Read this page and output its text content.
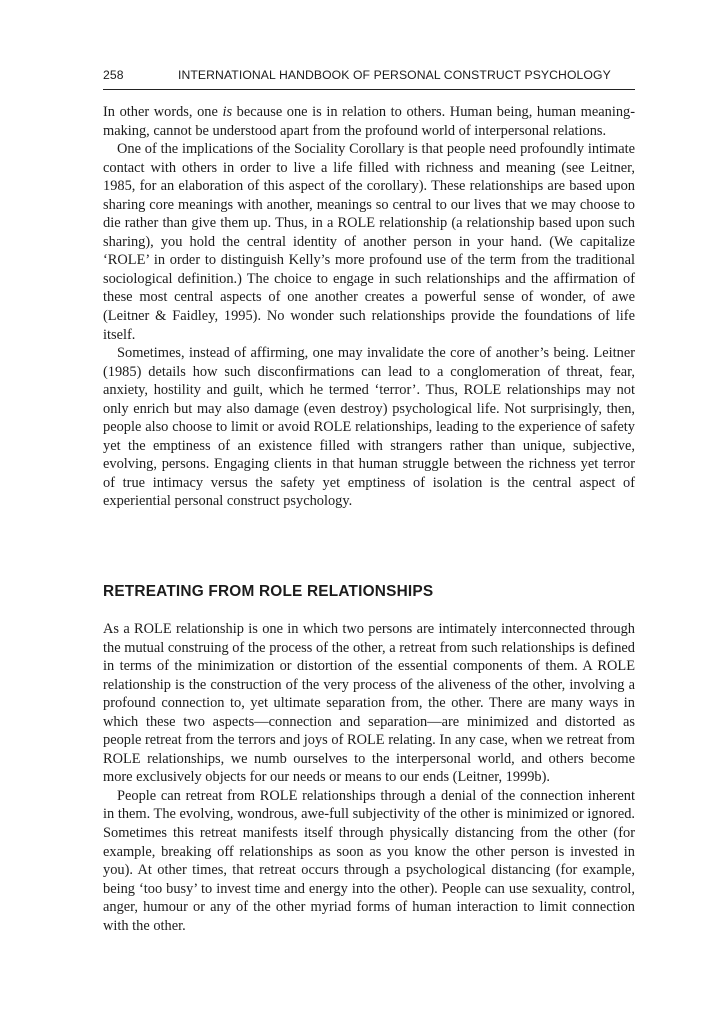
258	INTERNATIONAL HANDBOOK OF PERSONAL CONSTRUCT PSYCHOLOGY

In other words, one is because one is in relation to others. Human being, human meaning-making, cannot be understood apart from the profound world of interpersonal relations.

One of the implications of the Sociality Corollary is that people need profoundly intimate contact with others in order to live a life filled with richness and meaning (see Leitner, 1985, for an elaboration of this aspect of the corollary). These relationships are based upon sharing core meanings with another, meanings so central to our lives that we may choose to die rather than give them up. Thus, in a ROLE relationship (a relationship based upon such sharing), you hold the central identity of another person in your hand. (We capitalize ‘ROLE’ in order to distinguish Kelly’s more profound use of the term from the traditional sociological definition.) The choice to engage in such relationships and the affirmation of these most central aspects of one another creates a powerful sense of wonder, of awe (Leitner & Faidley, 1995). No wonder such relationships provide the foundations of life itself.

Sometimes, instead of affirming, one may invalidate the core of another’s being. Leitner (1985) details how such disconfirmations can lead to a conglomeration of threat, fear, anxiety, hostility and guilt, which he termed ‘terror’. Thus, ROLE relationships may not only enrich but may also damage (even destroy) psychological life. Not surprisingly, then, people also choose to limit or avoid ROLE relationships, leading to the experience of safety yet the emptiness of an existence filled with strangers rather than unique, subjective, evolving, persons. Engaging clients in that human struggle between the richness yet terror of true intimacy versus the safety yet emptiness of isolation is the central aspect of experiential personal construct psychology.

RETREATING FROM ROLE RELATIONSHIPS

As a ROLE relationship is one in which two persons are intimately interconnected through the mutual construing of the process of the other, a retreat from such relationships is defined in terms of the minimization or distortion of the essential components of them. A ROLE relationship is the construction of the very process of the aliveness of the other, involving a profound connection to, yet ultimate separation from, the other. There are many ways in which these two aspects—connection and separation—are minimized and distorted as people retreat from the terrors and joys of ROLE relating. In any case, when we retreat from ROLE relationships, we numb ourselves to the interpersonal world, and others become more exclusively objects for our needs or means to our ends (Leitner, 1999b).

People can retreat from ROLE relationships through a denial of the connection inherent in them. The evolving, wondrous, awe-full subjectivity of the other is minimized or ignored. Sometimes this retreat manifests itself through physically distancing from the other (for example, breaking off relationships as soon as you know the other person is invested in you). At other times, that retreat occurs through a psychological distancing (for example, being ‘too busy’ to invest time and energy into the other). People can use sexuality, control, anger, humour or any of the other myriad forms of human interaction to limit connection with the other.
